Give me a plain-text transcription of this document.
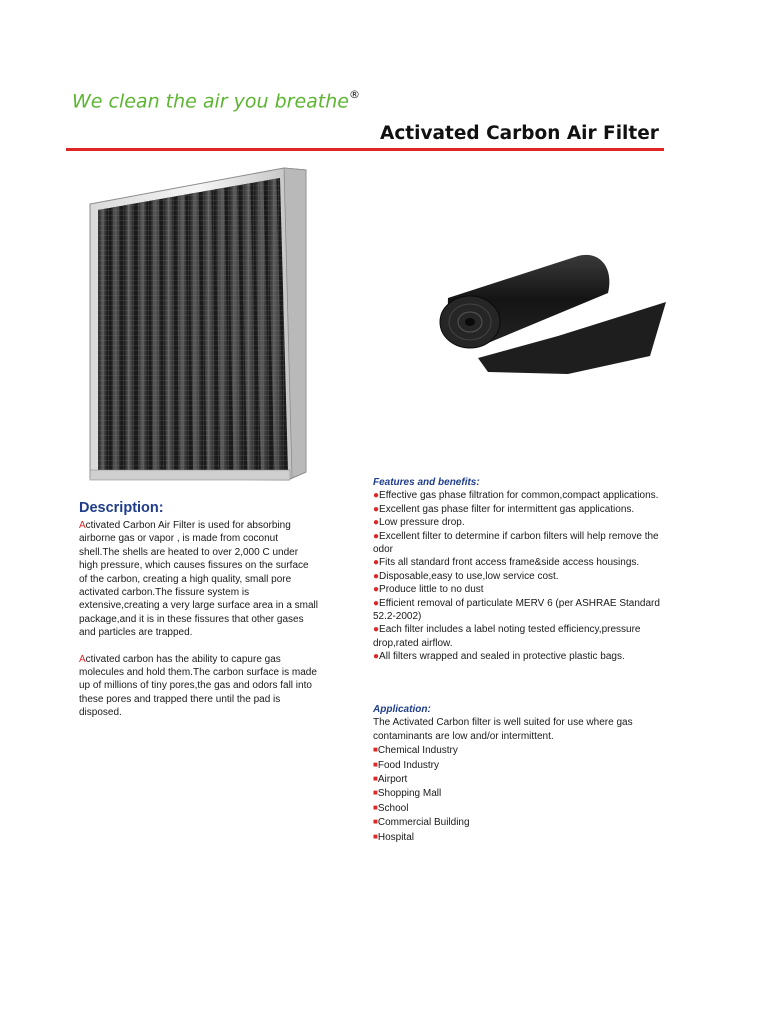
We clean the air you breathe®
Activated Carbon Air Filter
Description:

Activated Carbon Air Filter is used for absorbing airborne gas or vapor , is made from coconut shell.The shells are heated to over 2,000 C under high pressure, which causes fissures on the surface of the carbon, creating a high quality, small pore activated carbon.The fissure system is extensive,creating a very large surface area in a small package,and it is in these fissures that other gases and particles are trapped.

Activated carbon has the ability to capure gas molecules and hold them.The carbon surface is made up of millions of tiny pores,the gas and odors fall into these pores and trapped there until the pad is disposed.

Features and benefits:
●Effective gas phase filtration for common,compact applications.
●Excellent gas phase filter for intermittent gas applications.
●Low pressure drop.
●Excellent filter to determine if carbon filters will help remove the odor
●Fits all standard front access frame&side access housings.
●Disposable,easy to use,low service cost.
●Produce little to no dust
●Efficient removal of particulate MERV 6 (per ASHRAE Standard 52.2-2002)
●Each filter includes a label noting tested efficiency,pressure drop,rated airflow.
●All filters wrapped and sealed in protective plastic bags.
Application:

The Activated Carbon filter is well suited for use where gas contaminants are low and/or intermittent.

■Chemical Industry
■Food Industry
■Airport
■Shopping Mall
■School
■Commercial Building
■Hospital
